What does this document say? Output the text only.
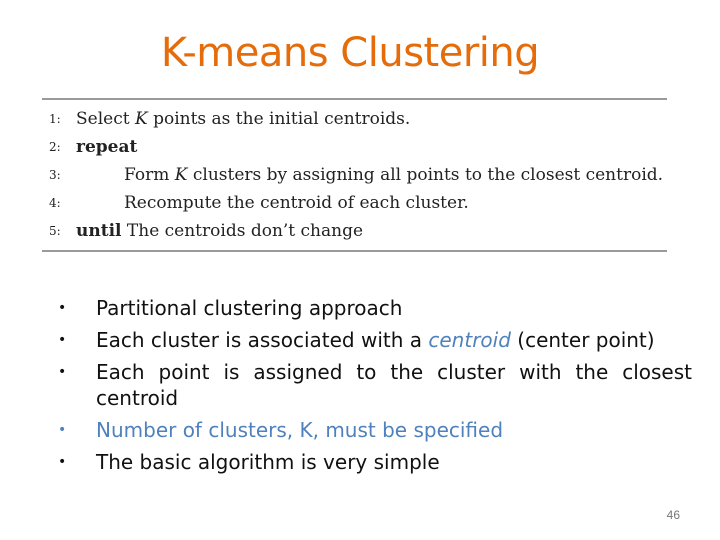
K-means Clustering
1: Select K points as the initial centroids.
2: repeat
3:	Form K clusters by assigning all points to the closest centroid.
4:	Recompute the centroid of each cluster.
5: until The centroids don’t change
• Partitional clustering approach
• Each cluster is associated with a centroid (center point)
• Each point is assigned to the cluster with the closest
centroid
• Number of clusters, K, must be specified
• The basic algorithm is very simple
46
